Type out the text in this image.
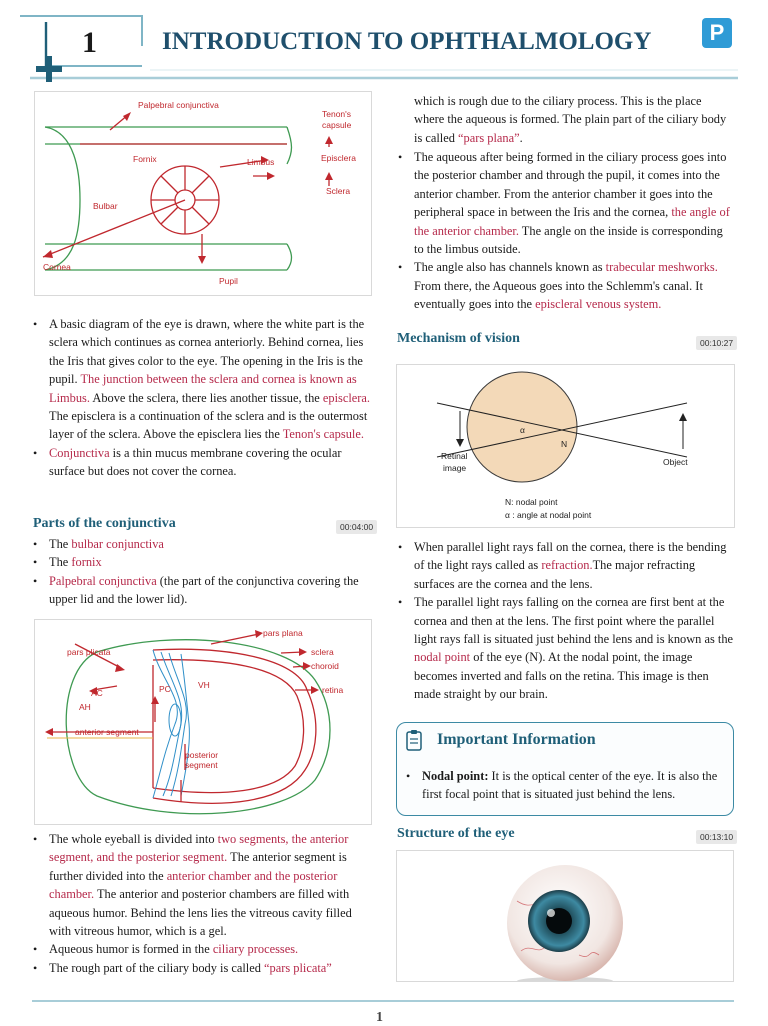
1	INTRODUCTION TO OPHTHALMOLOGY	P
Palpebral conjunctiva
Tenon's
capsule
Fornix	Limbus	Episclera
Sclera
Bulbar
Cornea
Pupil
• A basic diagram of the eye is drawn, where the white part is the sclera which continues as cornea anteriorly. Behind cornea, lies the Iris that gives color to the eye. The opening in the Iris is the pupil. The junction between the sclera and cornea is known as Limbus. Above the sclera, there lies another tissue, the episclera. The episclera is a continuation of the sclera and is the outermost layer of the sclera. Above the episclera lies the Tenon's capsule.
• Conjunctiva is a thin mucus membrane covering the ocular surface but does not cover the cornea.
Parts of the conjunctiva	00:04:00
• The bulbar conjunctiva
• The fornix
• Palpebral conjunctiva (the part of the conjunctiva covering the upper lid and the lower lid).
pars plana
pars plicata	sclera
choroid
retina
PC	VH
AC
AH
anterior segment
posterior
segment
• The whole eyeball is divided into two segments, the anterior segment, and the posterior segment. The anterior segment is further divided into the anterior chamber and the posterior chamber. The anterior and posterior chambers are filled with aqueous humor. Behind the lens lies the vitreous cavity filled with vitreous humor, which is a gel.
• Aqueous humor is formed in the ciliary processes.
• The rough part of the ciliary body is called “pars plicata”

which is rough due to the ciliary process. This is the place where the aqueous is formed. The plain part of the ciliary body is called “pars plana”.

• The aqueous after being formed in the ciliary process goes into the posterior chamber and through the pupil, it comes into the anterior chamber. From the anterior chamber it goes into the peripheral space in between the Iris and the cornea, the angle of the anterior chamber. The angle on the inside is corresponding to the limbus outside.
• The angle also has channels known as trabecular meshworks. From there, the Aqueous goes into the Schlemm's canal. It eventually goes into the episcleral venous system.
Mechanism of vision	00:10:27
α
N
Retinal
image
Object
N: nodal point
α : angle at nodal point
• When parallel light rays fall on the cornea, there is the bending of the light rays called as refraction.The major refracting surfaces are the cornea and the lens.
• The parallel light rays falling on the cornea are first bent at the cornea and then at the lens. The first point where the parallel light rays fall is situated just behind the lens and is known as the nodal point of the eye (N). At the nodal point, the image becomes inverted and falls on the retina. This image is then made straight by our brain.
Important Information
• Nodal point: It is the optical center of the eye. It is also the first focal point that is situated just behind the lens.
Structure of the eye	00:13:10
1
